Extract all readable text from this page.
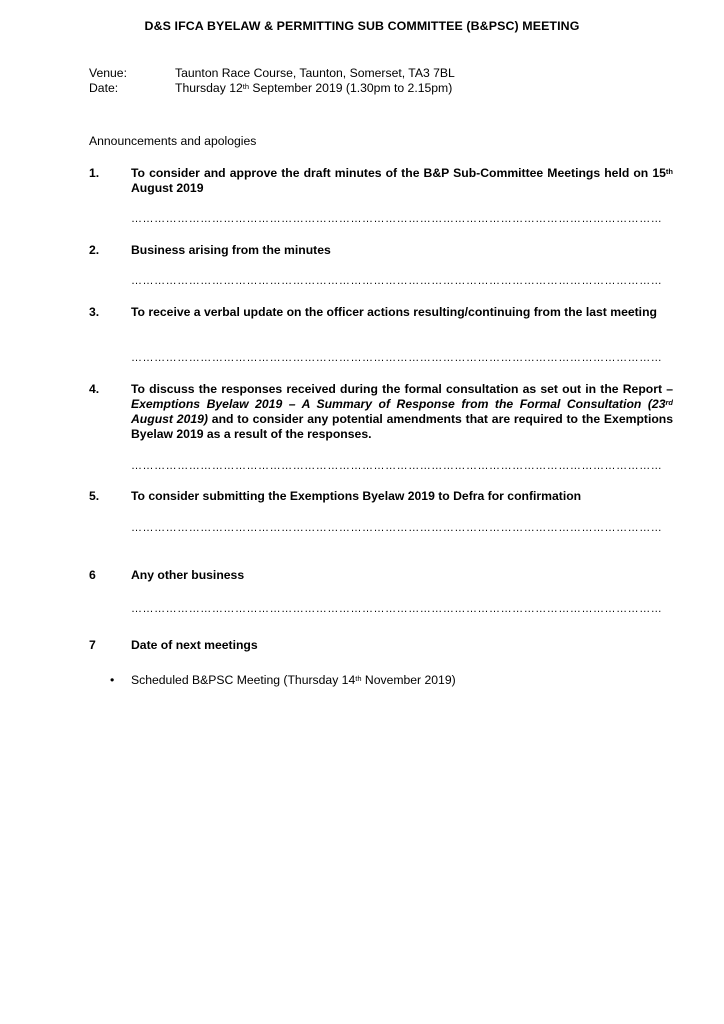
D&S IFCA BYELAW & PERMITTING SUB COMMITTEE (B&PSC) MEETING
Venue:	Taunton Race Course, Taunton, Somerset, TA3 7BL
Date:	Thursday 12th September 2019 (1.30pm to 2.15pm)
Announcements and apologies
1.	To consider and approve the draft minutes of the B&P Sub-Committee Meetings held on 15th August 2019
…………………………………………………………………………………………………………………………
2.	Business arising from the minutes
…………………………………………………………………………………………………………………………
3.	To receive a verbal update on the officer actions resulting/continuing from the last meeting
…………………………………………………………………………………………………………………………
4.	To discuss the responses received during the formal consultation as set out in the Report – Exemptions Byelaw 2019 – A Summary of Response from the Formal Consultation (23rd August 2019) and to consider any potential amendments that are required to the Exemptions Byelaw 2019 as a result of the responses.
…………………………………………………………………………………………………………………………
5.	To consider submitting the Exemptions Byelaw 2019 to Defra for confirmation
…………………………………………………………………………………………………………………………
6	Any other business
…………………………………………………………………………………………………………………………
7	Date of next meetings
• Scheduled B&PSC Meeting (Thursday 14th November 2019)
